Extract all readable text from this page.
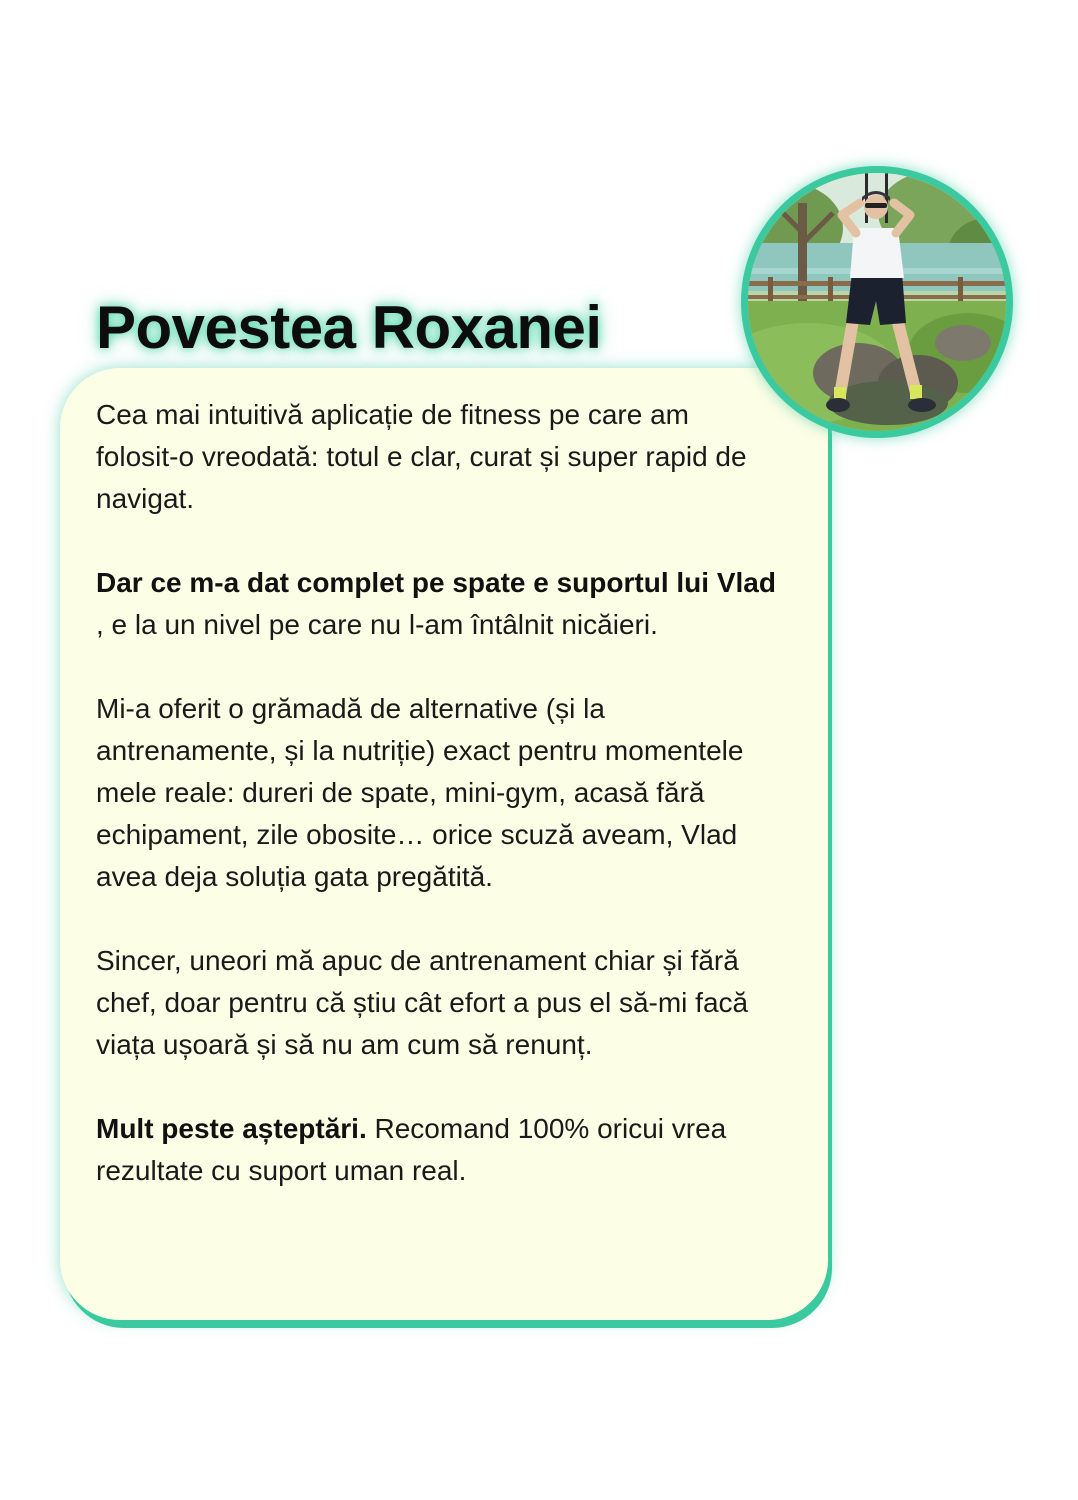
Povestea Roxanei

Cea mai intuitivă aplicație de fitness pe care am folosit-o vreodată: totul e clar, curat și super rapid de navigat.

Dar ce m-a dat complet pe spate e suportul lui Vlad , e la un nivel pe care nu l-am întâlnit nicăieri.

Mi-a oferit o grămadă de alternative (și la antrenamente, și la nutriție) exact pentru momentele mele reale: dureri de spate, mini-gym, acasă fără echipament, zile obosite… orice scuză aveam, Vlad avea deja soluția gata pregătită.

Sincer, uneori mă apuc de antrenament chiar și fără chef, doar pentru că știu cât efort a pus el să-mi facă viața ușoară și să nu am cum să renunț.

Mult peste așteptări. Recomand 100% oricui vrea rezultate cu suport uman real.
